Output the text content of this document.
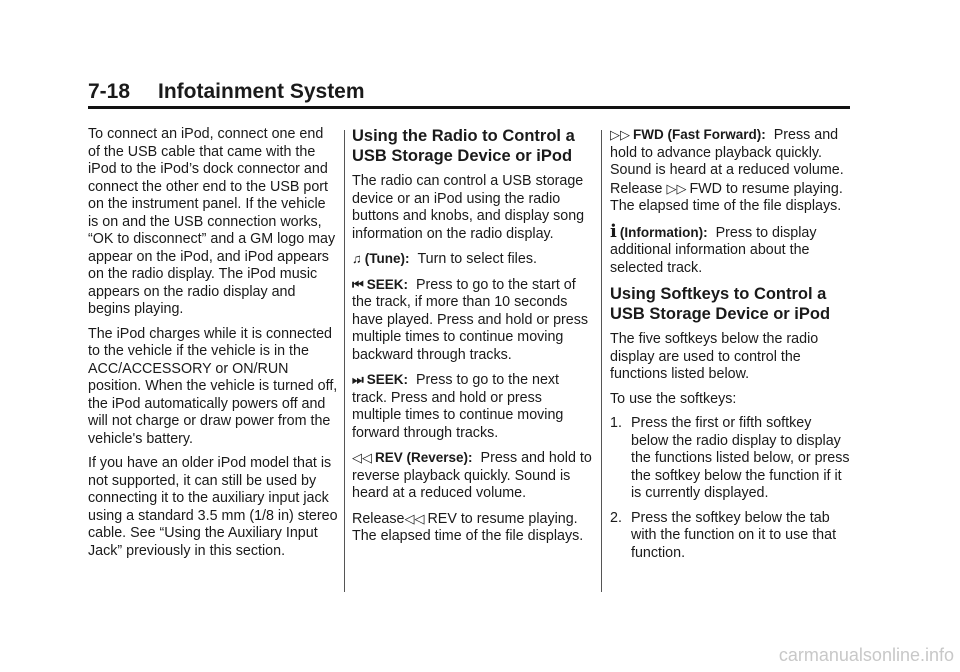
7-18	Infotainment System

To connect an iPod, connect one end of the USB cable that came with the iPod to the iPod’s dock connector and connect the other end to the USB port on the instrument panel. If the vehicle is on and the USB connection works, “OK to disconnect” and a GM logo may appear on the iPod, and iPod appears on the radio display. The iPod music appears on the radio display and begins playing.

The iPod charges while it is connected to the vehicle if the vehicle is in the ACC/ACCESSORY or ON/RUN position. When the vehicle is turned off, the iPod automatically powers off and will not charge or draw power from the vehicle's battery.

If you have an older iPod model that is not supported, it can still be used by connecting it to the auxiliary input jack using a standard 3.5 mm (1/8 in) stereo cable. See “Using the Auxiliary Input Jack” previously in this section.

Using the Radio to Control a USB Storage Device or iPod

The radio can control a USB storage device or an iPod using the radio buttons and knobs, and display song information on the radio display.

♫ (Tune): Turn to select files.

⏮ SEEK: Press to go to the start of the track, if more than 10 seconds have played. Press and hold or press multiple times to continue moving backward through tracks.

⏭ SEEK: Press to go to the next track. Press and hold or press multiple times to continue moving forward through tracks.

◁◁ REV (Reverse): Press and hold to reverse playback quickly. Sound is heard at a reduced volume.

Release◁◁ REV to resume playing.
The elapsed time of the file displays.

▷▷ FWD (Fast Forward): Press and hold to advance playback quickly. Sound is heard at a reduced volume. Release ▷▷ FWD to resume playing. The elapsed time of the file displays.

i (Information): Press to display additional information about the selected track.

Using Softkeys to Control a USB Storage Device or iPod

The five softkeys below the radio display are used to control the functions listed below.

To use the softkeys:

1. Press the first or fifth softkey below the radio display to display the functions listed below, or press the softkey below the function if it is currently displayed.
2. Press the softkey below the tab with the function on it to use that function.
carmanualsonline.info
